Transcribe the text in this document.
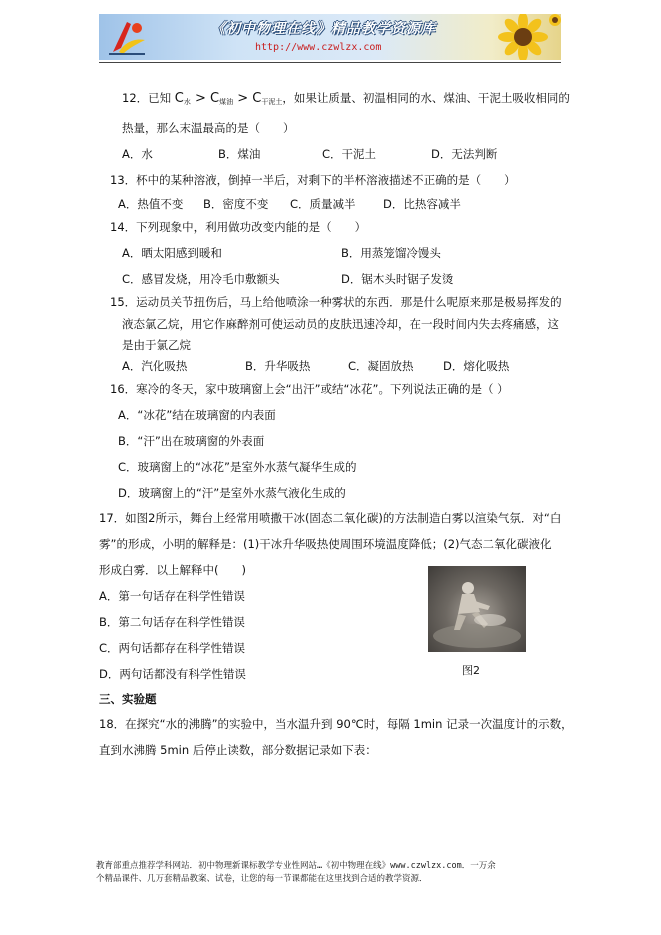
《初中物理在线》精品教学资源库
http://www.czwlzx.com
12．已知 $C_水 > C_{煤油} > C_{干泥土}$，如果让质量、初温相同的水、煤油、干泥土吸收相同的
热量，那么末温最高的是（　　）
A．水	B．煤油	C．干泥土	D．无法判断
13．杯中的某种溶液，倒掉一半后，对剩下的半杯溶液描述不正确的是（　　）
A．热值不变 B．密度不变 C．质量减半 D．比热容减半
14．下列现象中，利用做功改变内能的是（　　）
A．晒太阳感到暖和	B．用蒸笼馏冷馒头
C．感冒发烧，用冷毛巾敷额头	D．锯木头时锯子发烫
15．运动员关节扭伤后，马上给他喷涂一种雾状的东西．那是什么呢原来那是极易挥发的
液态氯乙烷，用它作麻醉剂可使运动员的皮肤迅速冷却，在一段时间内失去疼痛感，这
是由于氯乙烷
A．汽化吸热	B．升华吸热	C．凝固放热	D．熔化吸热
16．寒冷的冬天，家中玻璃窗上会“出汗”或结“冰花”。下列说法正确的是（ ）
A．“冰花”结在玻璃窗的内表面
B．“汗”出在玻璃窗的外表面
C．玻璃窗上的“冰花”是室外水蒸气凝华生成的
D．玻璃窗上的“汗”是室外水蒸气液化生成的
17．如图2所示，舞台上经常用喷撒干冰(固态二氧化碳)的方法制造白雾以渲染气氛．对“白
雾”的形成，小明的解释是：(1)干冰升华吸热使周围环境温度降低；(2)气态二氧化碳液化
形成白雾．以上解释中(　　)
A．第一句话存在科学性错误
B．第二句话存在科学性错误
C．两句话都存在科学性错误
D．两句话都没有科学性错误	图2
三、实验题
18．在探究“水的沸腾”的实验中，当水温升到 90℃时，每隔 1min 记录一次温度计的示数，
直到水沸腾 5min 后停止读数，部分数据记录如下表：
教育部重点推荐学科网站．初中物理新课标教学专业性网站…《初中物理在线》www.czwlzx.com．一万余
个精品课件、几万套精品教案、试卷，让您的每一节课都能在这里找到合适的教学资源．
